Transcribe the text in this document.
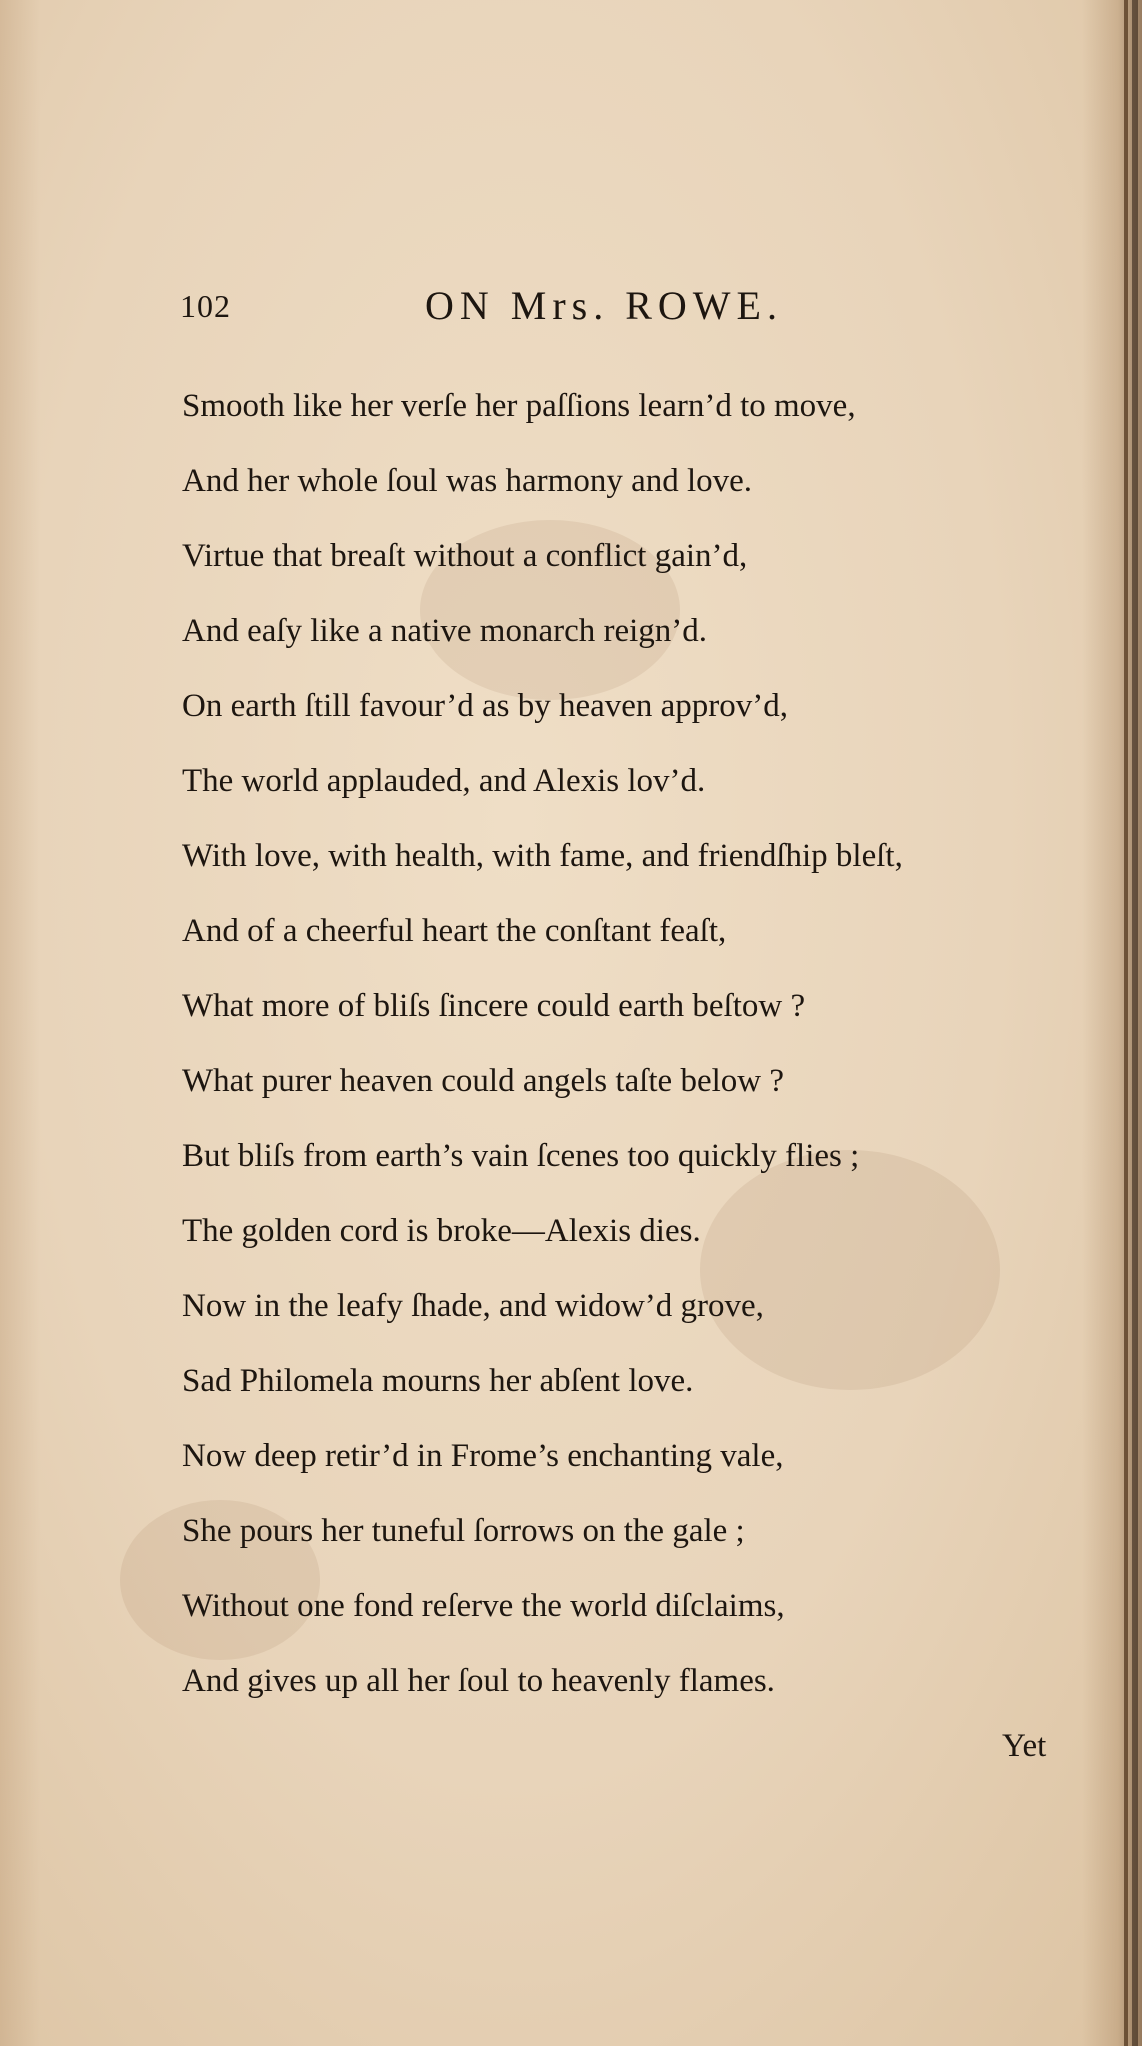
102	ON Mrs. ROWE.
Smooth like her verſe her paſſions learn’d to move,
And her whole ſoul was harmony and love.
Virtue that breaſt without a conflict gain’d,
And eaſy like a native monarch reign’d.
On earth ſtill favour’d as by heaven approv’d,
The world applauded, and Alexis lov’d.
With love, with health, with fame, and friendſhip bleſt,
And of a cheerful heart the conſtant feaſt,
What more of bliſs ſincere could earth beſtow ?
What purer heaven could angels taſte below ?
But bliſs from earth’s vain ſcenes too quickly flies ;
The golden cord is broke—Alexis dies.
Now in the leafy ſhade, and widow’d grove,
Sad Philomela mourns her abſent love.
Now deep retir’d in Frome’s enchanting vale,
She pours her tuneful ſorrows on the gale ;
Without one fond reſerve the world diſclaims,
And gives up all her ſoul to heavenly flames.
Yet
